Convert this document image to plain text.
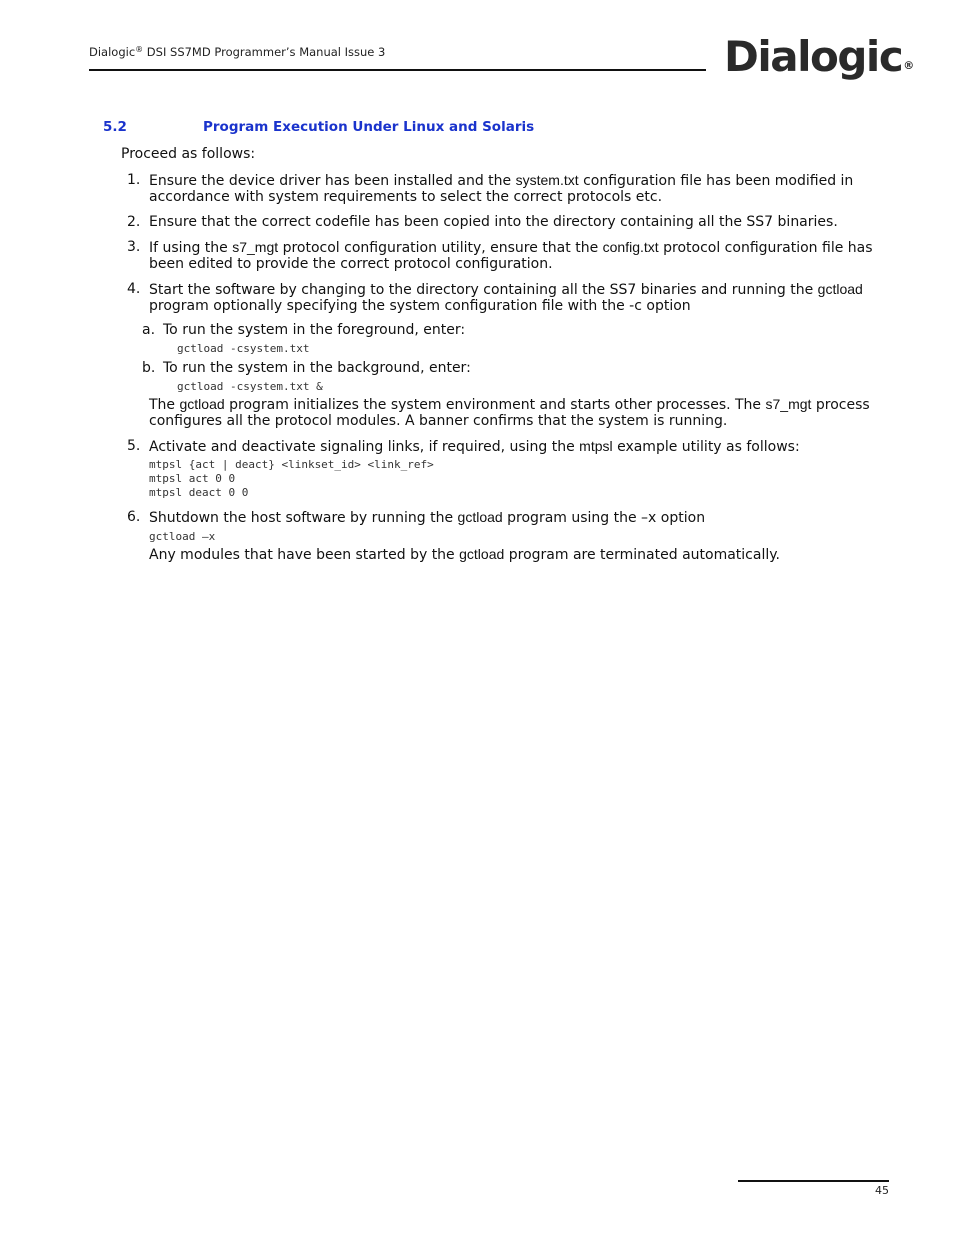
Dialogic® DSI SS7MD Programmer’s Manual Issue 3	Dialogic®
5.2	Program Execution Under Linux and Solaris

Proceed as follows:

1. Ensure the device driver has been installed and the system.txt configuration file has been modified in accordance with system requirements to select the correct protocols etc.

2. Ensure that the correct codefile has been copied into the directory containing all the SS7 binaries.

3. If using the s7_mgt protocol configuration utility, ensure that the config.txt protocol configuration file has been edited to provide the correct protocol configuration.

4. Start the software by changing to the directory containing all the SS7 binaries and running the gctload program optionally specifying the system configuration file with the -c option

a. To run the system in the foreground, enter:

gctload -csystem.txt
b. To run the system in the background, enter:

gctload -csystem.txt &

The gctload program initializes the system environment and starts other processes. The s7_mgt process configures all the protocol modules. A banner confirms that the system is running.

5. Activate and deactivate signaling links, if required, using the mtpsl example utility as follows:

mtpsl {act | deact} <linkset_id> <link_ref>
mtpsl act 0 0
mtpsl deact 0 0
6. Shutdown the host software by running the gctload program using the –x option

gctload –x

Any modules that have been started by the gctload program are terminated automatically.

45
